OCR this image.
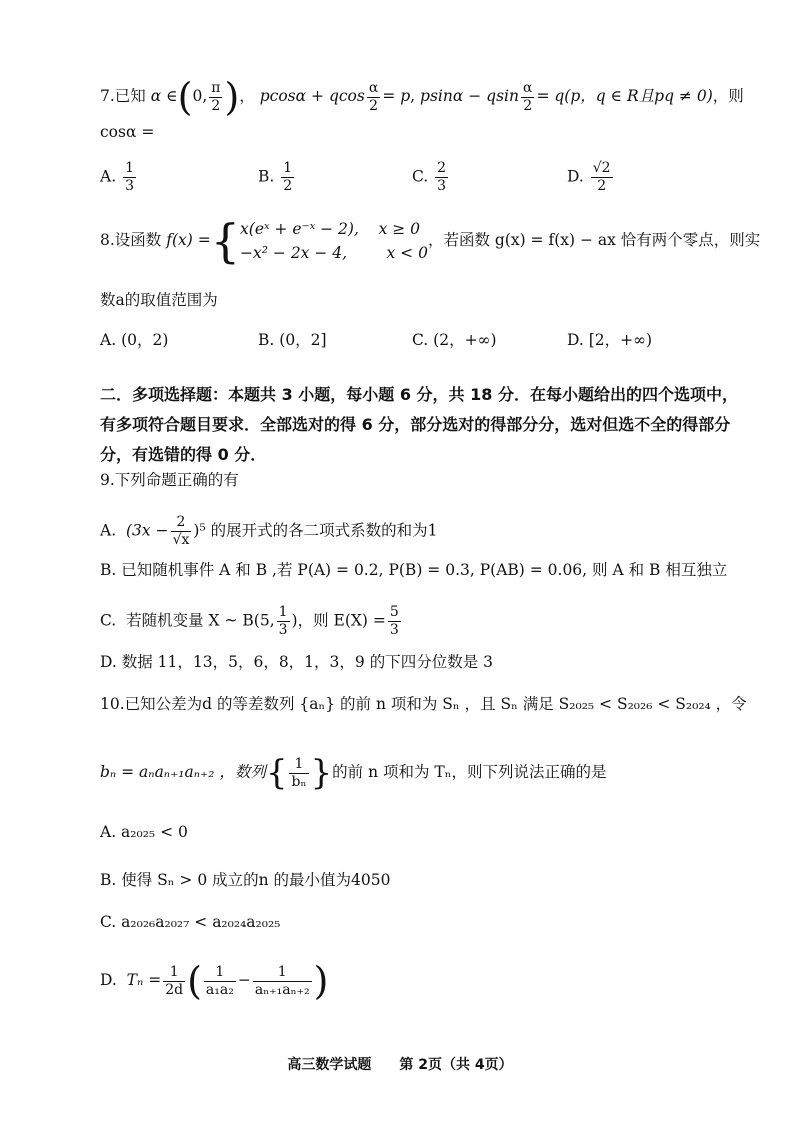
7.已知 α ∈(0, $\frac{\pi}{2}$ )， pcosα + qcos $\frac{\alpha}{2} = p$, psinα − qsin $\frac{\alpha}{2} = q(p$，q ∈ R且pq ≠ 0)，则
cosα =
A. $\frac{1}{3}$	B. $\frac{1}{2}$	C. $\frac{2}{3}$	D. $\frac{√2}{2}$
8.设函数 f(x) ={x(eˣ + e⁻ˣ − 2), x ≥ 0
−x² − 2x − 4,	x < 0，若函数 g(x) = f(x) − ax 恰有两个零点，则实
数a的取值范围为
A. (0，2)	B. (0，2]	C. (2，+∞)	D. [2，+∞)
二．多项选择题：本题共 3 小题，每小题 6 分，共 18 分．在每小题给出的四个选项中，有多项符合题目要求．全部选对的得 6 分，部分选对的得部分分，选对但选不全的得部分分，有选错的得 0 分．
9.下列命题正确的有
A. $(3x - \frac{2}{√x} )^5$ 的展开式的各二项式系数的和为1
B. 已知随机事件 A 和 B ,若 P(A) = 0.2, P(B) = 0.3, P(AB) = 0.06, 则 A 和 B 相互独立
C. 若随机变量 X ~ B(5, $\frac{1}{3}$ )，则 $E(X) = \frac{5}{3}$
D. 数据 11，13，5，6，8，1，3，9 的下四分位数是 3
10.已知公差为d 的等差数列 {aₙ} 的前 n 项和为 Sₙ ，且 Sₙ 满足 S₂₀₂₅ < S₂₀₂₆ < S₂₀₂₄ ，令
bₙ = aₙaₙ₊₁aₙ₊₂ ，数列{ $\frac{1}{\text{bₙ}}$ }的前 n 项和为 Tₙ，则下列说法正确的是
A. a₂₀₂₅ < 0
B. 使得 Sₙ > 0 成立的n 的最小值为4050
C. a₂₀₂₆a₂₀₂₇ < a₂₀₂₄a₂₀₂₅
D. $T_n = \frac{1}{2d}$ ( $\frac{1}{\text{a₁a₂}} - \frac{1}{\text{aₙ₊₁aₙ₊₂}}$ )
高三数学试题　　第 2页（共 4页）
